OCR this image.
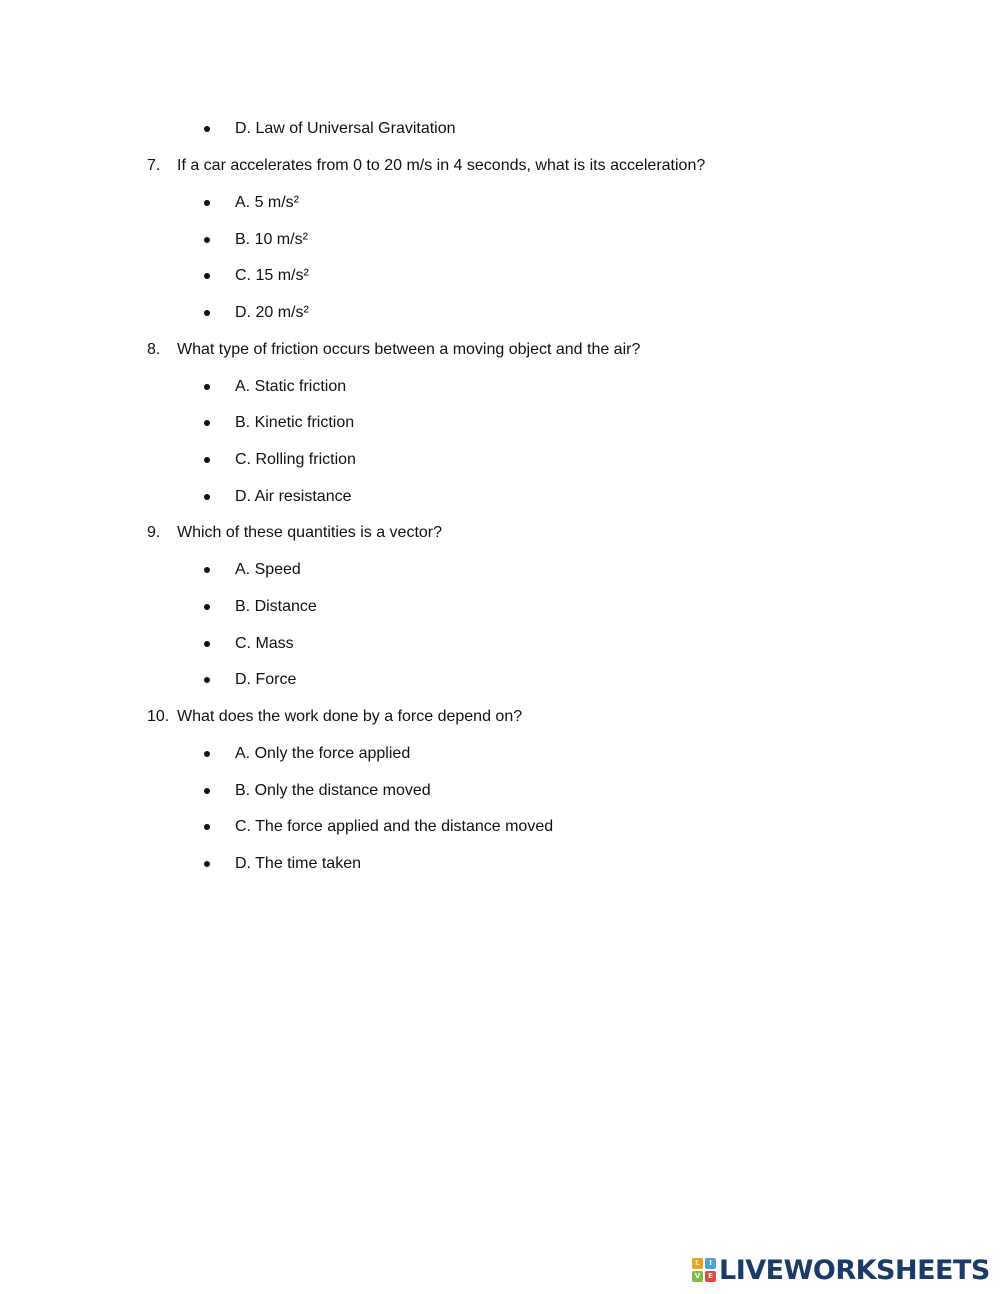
D. Law of Universal Gravitation
7. If a car accelerates from 0 to 20 m/s in 4 seconds, what is its acceleration?
A. 5 m/s²
B. 10 m/s²
C. 15 m/s²
D. 20 m/s²
8. What type of friction occurs between a moving object and the air?
A. Static friction
B. Kinetic friction
C. Rolling friction
D. Air resistance
9. Which of these quantities is a vector?
A. Speed
B. Distance
C. Mass
D. Force
10. What does the work done by a force depend on?
A. Only the force applied
B. Only the distance moved
C. The force applied and the distance moved
D. The time taken
L	I
V	E LIVEWORKSHEETS
